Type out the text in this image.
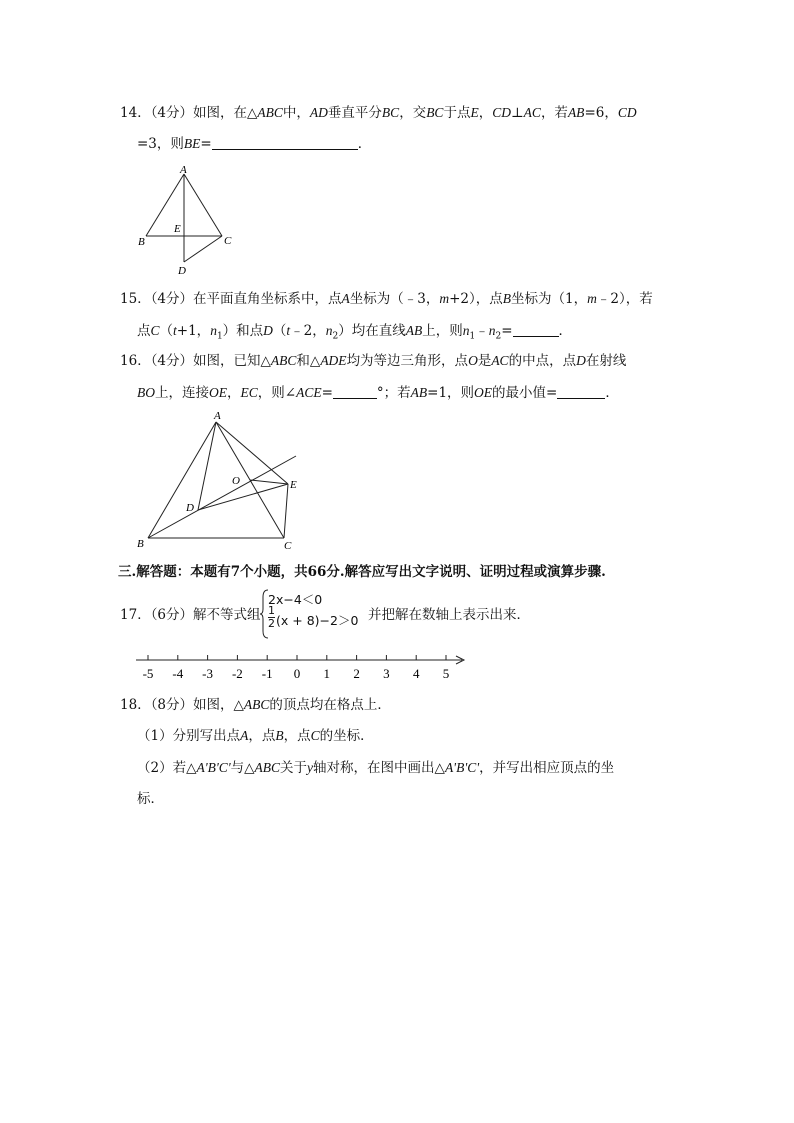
14．（4分）如图，在△ABC中，AD垂直平分BC，交BC于点E，CD⊥AC，若AB=6，CD
=3，则BE=	．
A
B	C
D
E
15．（4分）在平面直角坐标系中，点A坐标为（﹣3，m+2），点B坐标为（1，m﹣2），若
点C（t+1，$n_1$）和点D（t﹣2，$n_2$）均在直线AB上，则$n_1﹣n_2=$	．
16．（4分）如图，已知△ABC和△ADE均为等边三角形，点O是AC的中点，点D在射线
BO上，连接OE，EC，则∠ACE=	°；若AB=1，则OE的最小值=	．
A
B	C
D
E
O
三.解答题：本题有7个小题，共66分.解答应写出文字说明、证明过程或演算步骤.
17．（6分）解不等式组
2x−4＜0
$\frac{1}{2} (x + 8)-2>0$ 并把解在数轴上表示出来．
-5 -4 -3 -2 -1 0 1 2 3 4 5
18．（8分）如图，△ABC的顶点均在格点上．
（1）分别写出点A，点B，点C的坐标．
（2）若△A'B'C'与△ABC关于y轴对称，在图中画出△A'B'C'，并写出相应顶点的坐
标．
